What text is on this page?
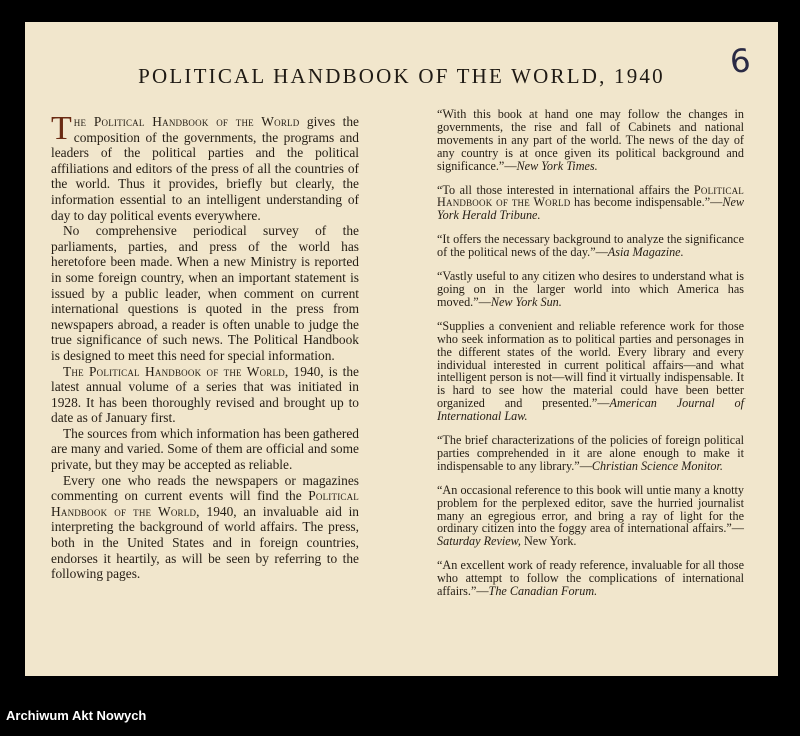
POLITICAL HANDBOOK OF THE WORLD, 1940	6

The Political Handbook of the World gives the composition of the governments, the programs and leaders of the political parties and the political affiliations and editors of the press of all the countries of the world. Thus it provides, briefly but clearly, the information essential to an intelligent understanding of day to day political events everywhere.

No comprehensive periodical survey of the parliaments, parties, and press of the world has heretofore been made. When a new Ministry is reported in some foreign country, when an important statement is issued by a public leader, when comment on current international questions is quoted in the press from newspapers abroad, a reader is often unable to judge the true significance of such news. The Political Handbook is designed to meet this need for special information.

The Political Handbook of the World, 1940, is the latest annual volume of a series that was initiated in 1928. It has been thoroughly revised and brought up to date as of January first.

The sources from which information has been gathered are many and varied. Some of them are official and some private, but they may be accepted as reliable.

Every one who reads the newspapers or magazines commenting on current events will find the Political Handbook of the World, 1940, an invaluable aid in interpreting the background of world affairs. The press, both in the United States and in foreign countries, endorses it heartily, as will be seen by referring to the following pages.

“With this book at hand one may follow the changes in governments, the rise and fall of Cabinets and national movements in any part of the world. The news of the day of any country is at once given its political background and significance.”—New York Times.

“To all those interested in international affairs the Political Handbook of the World has become indispensable.”—New York Herald Tribune.

“It offers the necessary background to analyze the significance of the political news of the day.”—Asia Magazine.

“Vastly useful to any citizen who desires to understand what is going on in the larger world into which America has moved.”—New York Sun.

“Supplies a convenient and reliable reference work for those who seek information as to political parties and personages in the different states of the world. Every library and every individual interested in current political affairs—and what intelligent person is not—will find it virtually indispensable. It is hard to see how the material could have been better organized and presented.”—American Journal of International Law.

“The brief characterizations of the policies of foreign political parties comprehended in it are alone enough to make it indispensable to any library.”—Christian Science Monitor.

“An occasional reference to this book will untie many a knotty problem for the perplexed editor, save the hurried journalist many an egregious error, and bring a ray of light for the ordinary citizen into the foggy area of international affairs.”—Saturday Review, New York.

“An excellent work of ready reference, invaluable for all those who attempt to follow the complications of international affairs.”—The Canadian Forum.

Archiwum Akt Nowych
